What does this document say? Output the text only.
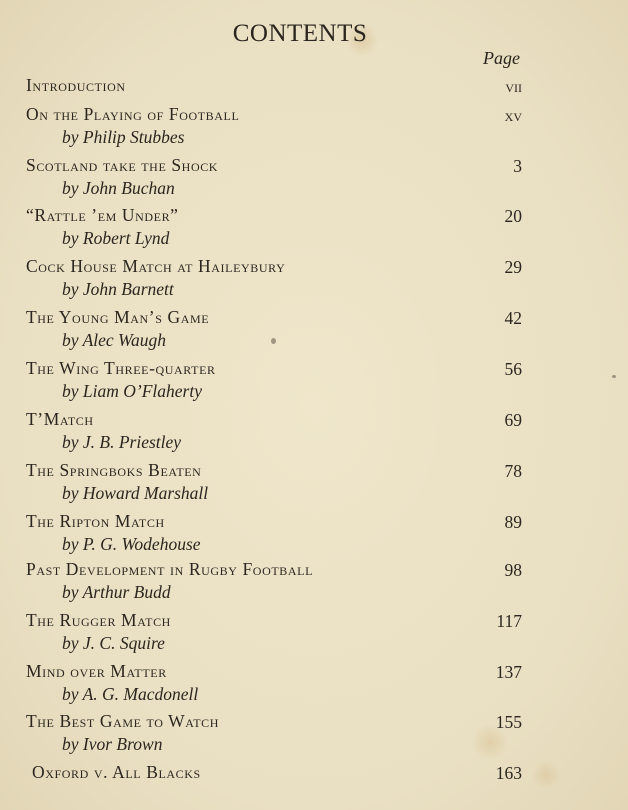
CONTENTS
Page
Introduction	vii
On the Playing of Football
by Philip Stubbes
xv
Scotland take the Shock
by John Buchan
3
“Rattle ’em Under”
by Robert Lynd
20
Cock House Match at Haileybury
by John Barnett
29
The Young Man’s Game
by Alec Waugh
42
The Wing Three-quarter
by Liam O’Flaherty
56
T’Match
by J. B. Priestley
69
The Springboks Beaten
by Howard Marshall
78
The Ripton Match
by P. G. Wodehouse
89
Past Development in Rugby Football
by Arthur Budd
98
The Rugger Match
by J. C. Squire
117
Mind over Matter
by A. G. Macdonell
137
The Best Game to Watch
by Ivor Brown
155
Oxford v. All Blacks	163
